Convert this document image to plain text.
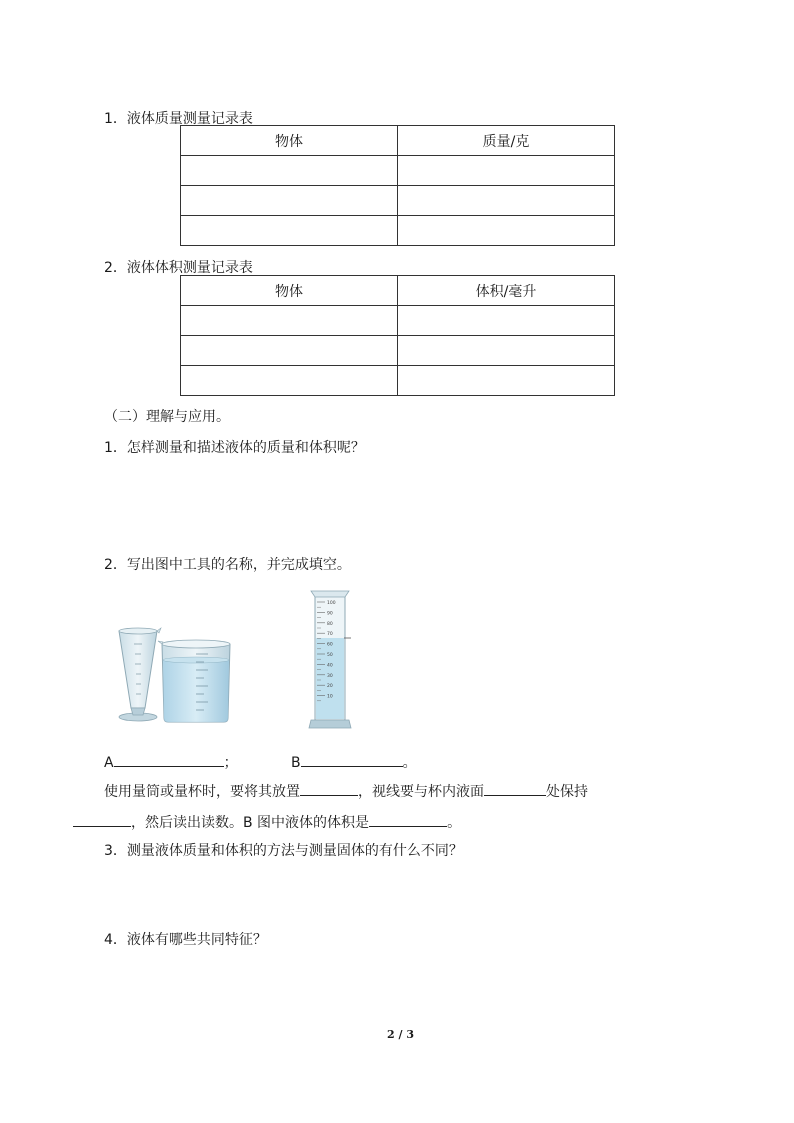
1．液体质量测量记录表
物体	质量/克

2．液体体积测量记录表
物体	体积/毫升

（二）理解与应用。
1．怎样测量和描述液体的质量和体积呢？
2．写出图中工具的名称，并完成填空。
100
90
80
70
60
50
40
30
20
10
A	；	B	。
使用量筒或量杯时，要将其放置	，视线要与杯内液面	处保持
，然后读出读数。B 图中液体的体积是	。
3．测量液体质量和体积的方法与测量固体的有什么不同？
4．液体有哪些共同特征？
2 / 3
